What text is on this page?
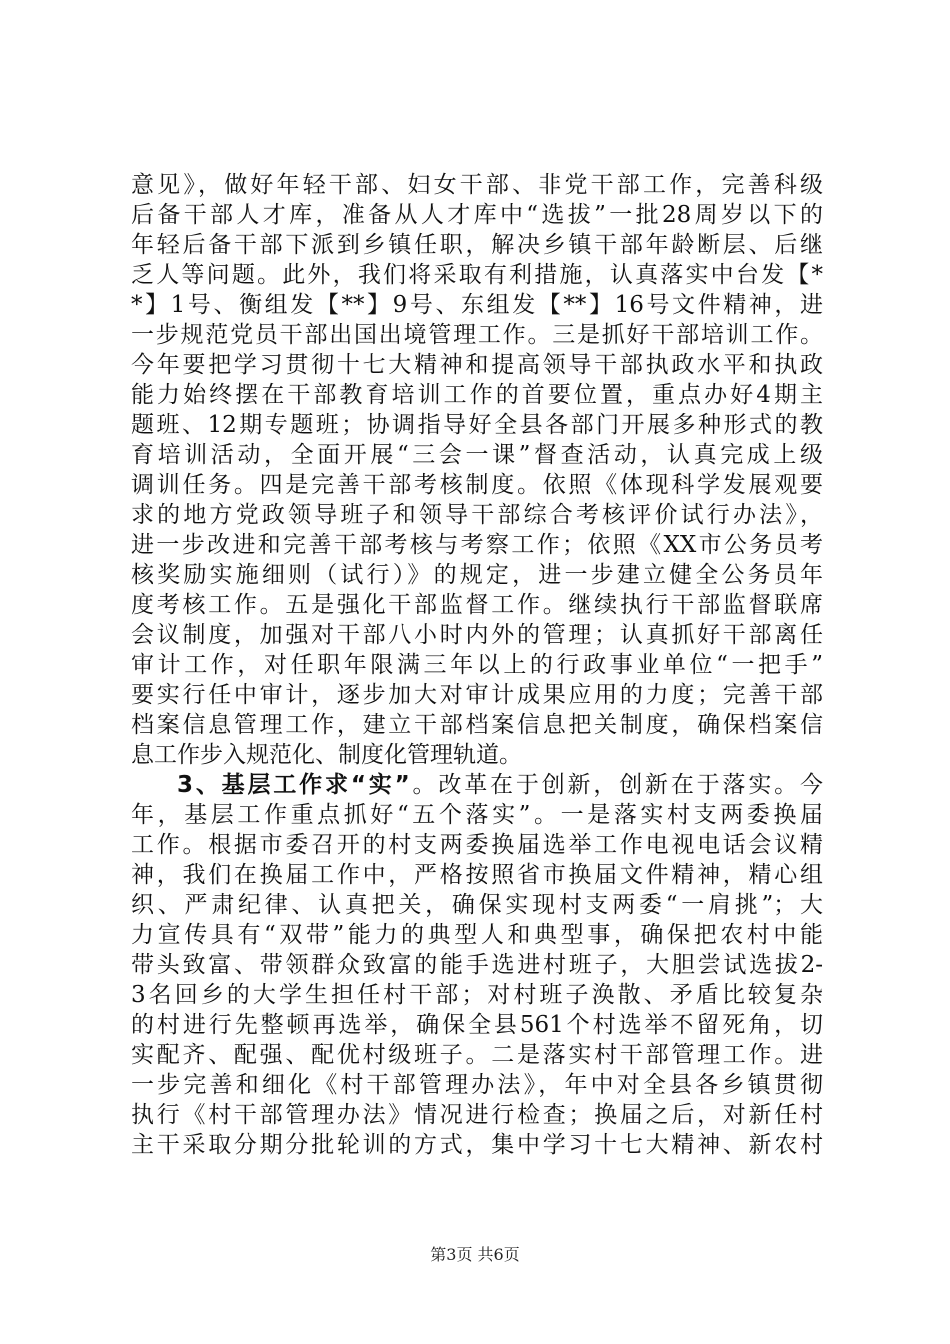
意见》，做好年轻干部、妇女干部、非党干部工作，完善科级
后备干部人才库，准备从人才库中“选拔”一批28周岁以下的
年轻后备干部下派到乡镇任职，解决乡镇干部年龄断层、后继
乏人等问题。此外，我们将采取有利措施，认真落实中台发【*
*】1号、衡组发【**】9号、东组发【**】16号文件精神，进
一步规范党员干部出国出境管理工作。三是抓好干部培训工作。
今年要把学习贯彻十七大精神和提高领导干部执政水平和执政
能力始终摆在干部教育培训工作的首要位置，重点办好4期主
题班、12期专题班；协调指导好全县各部门开展多种形式的教
育培训活动，全面开展“三会一课”督查活动，认真完成上级
调训任务。四是完善干部考核制度。依照《体现科学发展观要
求的地方党政领导班子和领导干部综合考核评价试行办法》，
进一步改进和完善干部考核与考察工作；依照《XX市公务员考
核奖励实施细则（试行）》的规定，进一步建立健全公务员年
度考核工作。五是强化干部监督工作。继续执行干部监督联席
会议制度，加强对干部八小时内外的管理；认真抓好干部离任
审计工作，对任职年限满三年以上的行政事业单位“一把手”
要实行任中审计，逐步加大对审计成果应用的力度；完善干部
档案信息管理工作，建立干部档案信息把关制度，确保档案信
息工作步入规范化、制度化管理轨道。
3、基层工作求“实”。改革在于创新，创新在于落实。今
年，基层工作重点抓好“五个落实”。一是落实村支两委换届
工作。根据市委召开的村支两委换届选举工作电视电话会议精
神，我们在换届工作中，严格按照省市换届文件精神，精心组
织、严肃纪律、认真把关，确保实现村支两委“一肩挑”；大
力宣传具有“双带”能力的典型人和典型事，确保把农村中能
带头致富、带领群众致富的能手选进村班子，大胆尝试选拔2-
3名回乡的大学生担任村干部；对村班子涣散、矛盾比较复杂
的村进行先整顿再选举，确保全县561个村选举不留死角，切
实配齐、配强、配优村级班子。二是落实村干部管理工作。进
一步完善和细化《村干部管理办法》，年中对全县各乡镇贯彻
执行《村干部管理办法》情况进行检查；换届之后，对新任村
主干采取分期分批轮训的方式，集中学习十七大精神、新农村
第3页 共6页
